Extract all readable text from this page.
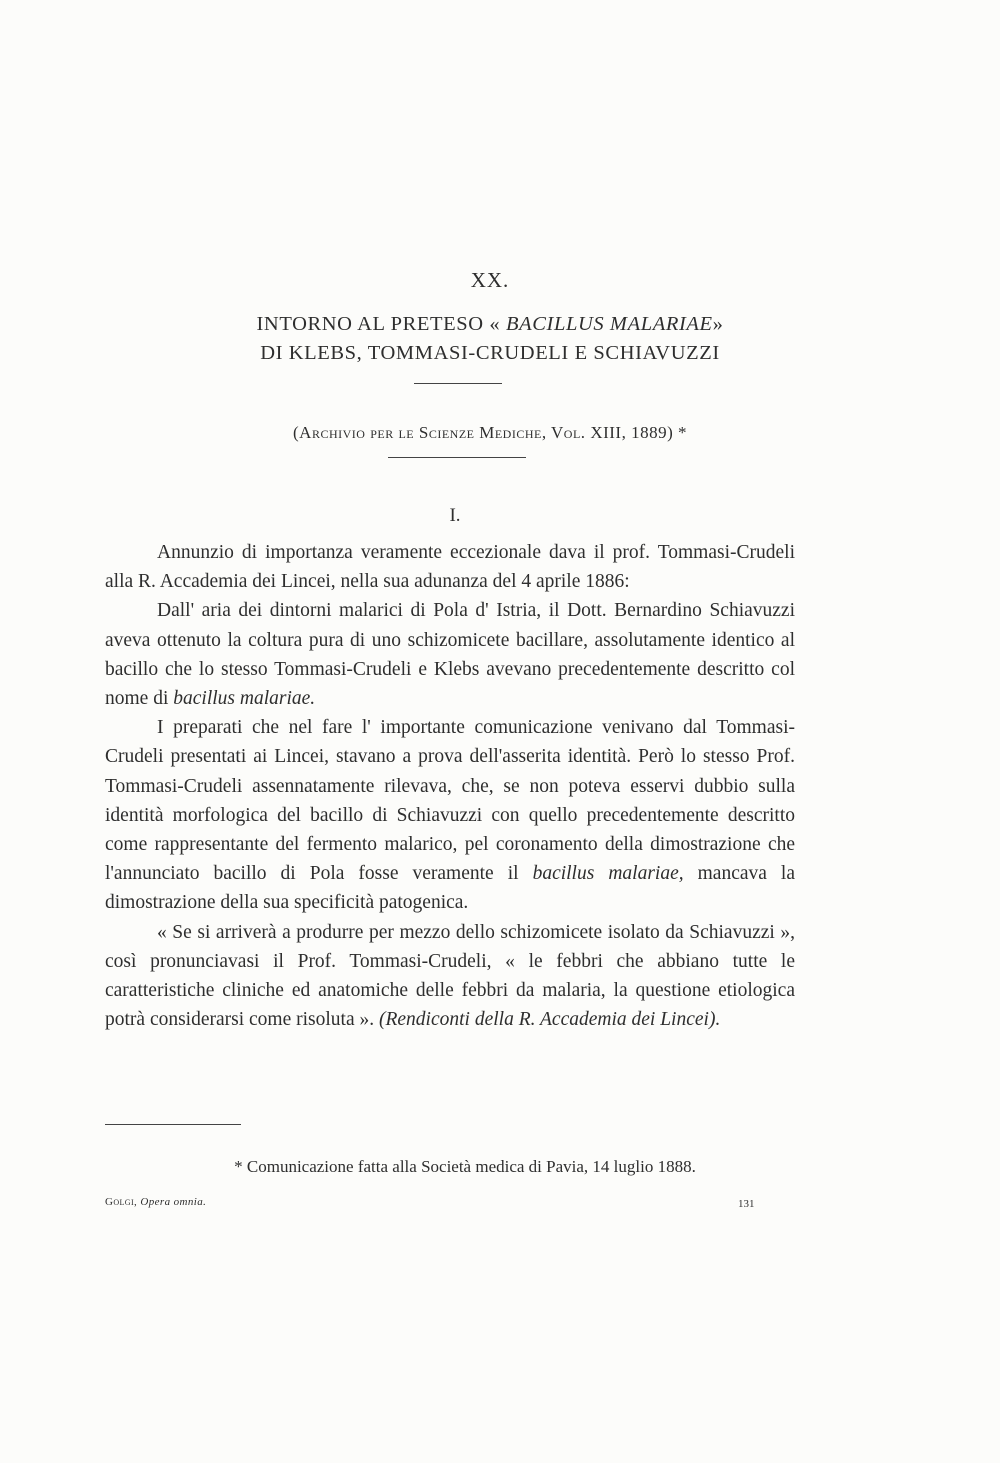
XX.
INTORNO AL PRETESO « BACILLUS MALARIAE»
DI KLEBS, TOMMASI-CRUDELI E SCHIAVUZZI
(Archivio per le Scienze Mediche, Vol. XIII, 1889) *
I.

Annunzio di importanza veramente eccezionale dava il prof. Tommasi-Crudeli alla R. Accademia dei Lincei, nella sua adunanza del 4 aprile 1886:

Dall' aria dei dintorni malarici di Pola d' Istria, il Dott. Bernardino Schiavuzzi aveva ottenuto la coltura pura di uno schizomicete bacillare, assolutamente identico al bacillo che lo stesso Tommasi-Crudeli e Klebs avevano precedentemente descritto col nome di bacillus malariae.

I preparati che nel fare l' importante comunicazione venivano dal Tommasi-Crudeli presentati ai Lincei, stavano a prova dell'asserita identità. Però lo stesso Prof. Tommasi-Crudeli assennatamente rilevava, che, se non poteva esservi dubbio sulla identità morfologica del bacillo di Schiavuzzi con quello precedentemente descritto come rappresentante del fermento malarico, pel coronamento della dimostrazione che l'annunciato bacillo di Pola fosse veramente il bacillus malariae, mancava la dimostrazione della sua specificità patogenica.

« Se si arriverà a produrre per mezzo dello schizomicete isolato da Schiavuzzi », così pronunciavasi il Prof. Tommasi-Crudeli, « le febbri che abbiano tutte le caratteristiche cliniche ed anatomiche delle febbri da malaria, la questione etiologica potrà considerarsi come risoluta ». (Rendiconti della R. Accademia dei Lincei).

* Comunicazione fatta alla Società medica di Pavia, 14 luglio 1888.
Golgi, Opera omnia.	131
